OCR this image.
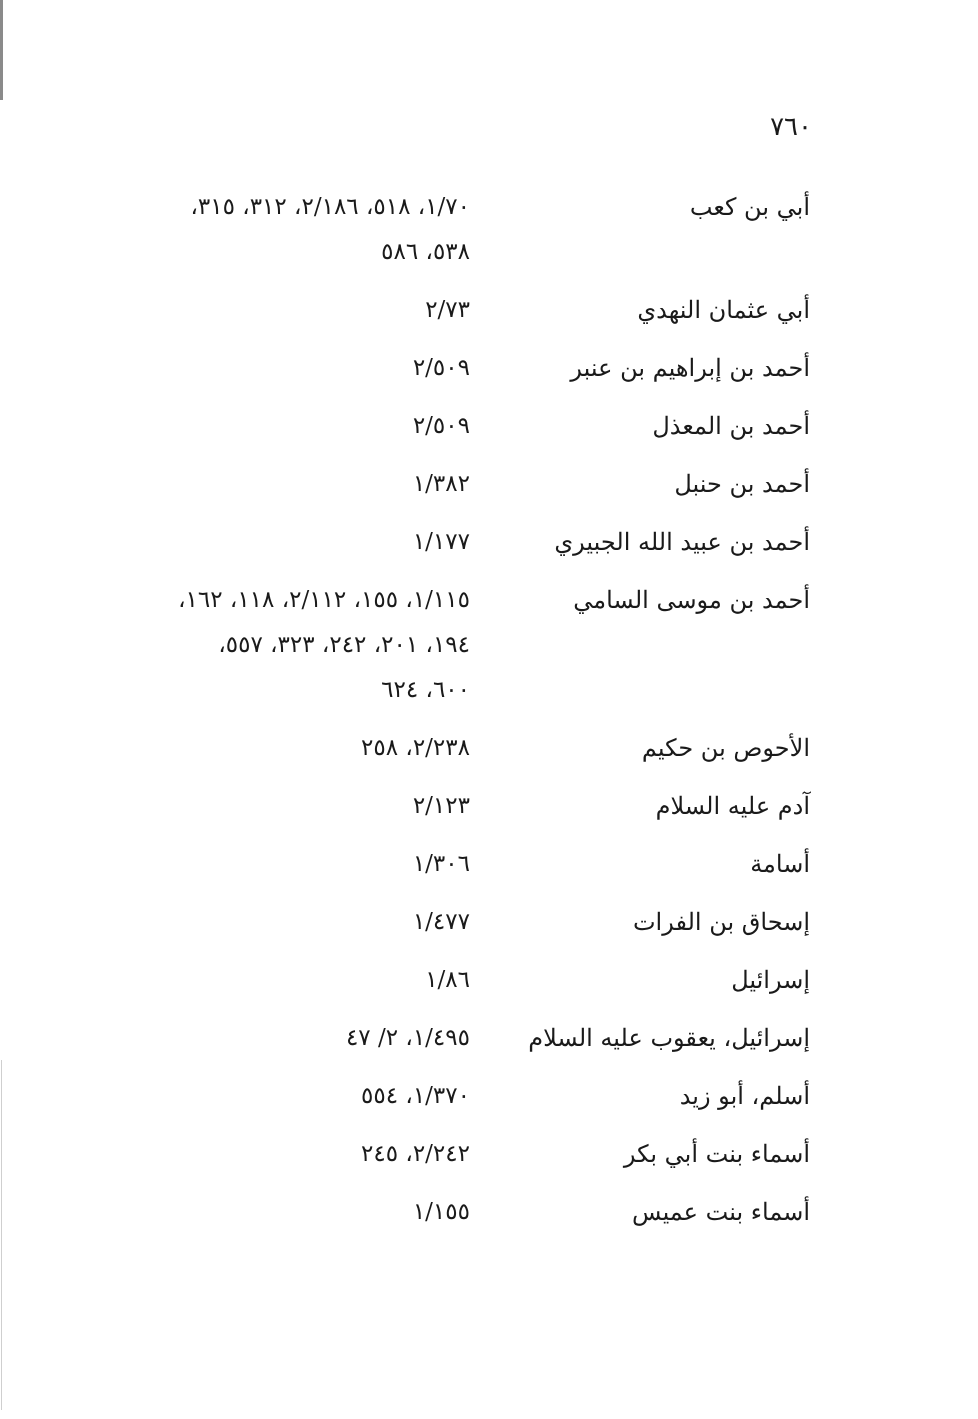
٧٦٠
أبي بن كعب
١/٧٠، ٥١٨، ٢/١٨٦، ٣١٢، ٣١٥،
٥٣٨، ٥٨٦
أبي عثمان النهدي
٢/٧٣
أحمد بن إبراهيم بن عنبر
٢/٥٠٩
أحمد بن المعذل
٢/٥٠٩
أحمد بن حنبل
١/٣٨٢
أحمد بن عبيد الله الجبيري
١/١٧٧
أحمد بن موسى السامي
١/١١٥، ١٥٥، ٢/١١٢، ١١٨، ١٦٢،
١٩٤، ٢٠١، ٢٤٢، ٣٢٣، ٥٥٧،
٦٠٠، ٦٢٤
الأحوص بن حكيم
٢/٢٣٨، ٢٥٨
آدم عليه السلام
٢/١٢٣
أسامة
١/٣٠٦
إسحاق بن الفرات
١/٤٧٧
إسرائيل
١/٨٦
إسرائيل، يعقوب عليه السلام
١/٤٩٥، ٢/ ٤٧
أسلم، أبو زيد
١/٣٧٠، ٥٥٤
أسماء بنت أبي بكر
٢/٢٤٢، ٢٤٥
أسماء بنت عميس
١/١٥٥
